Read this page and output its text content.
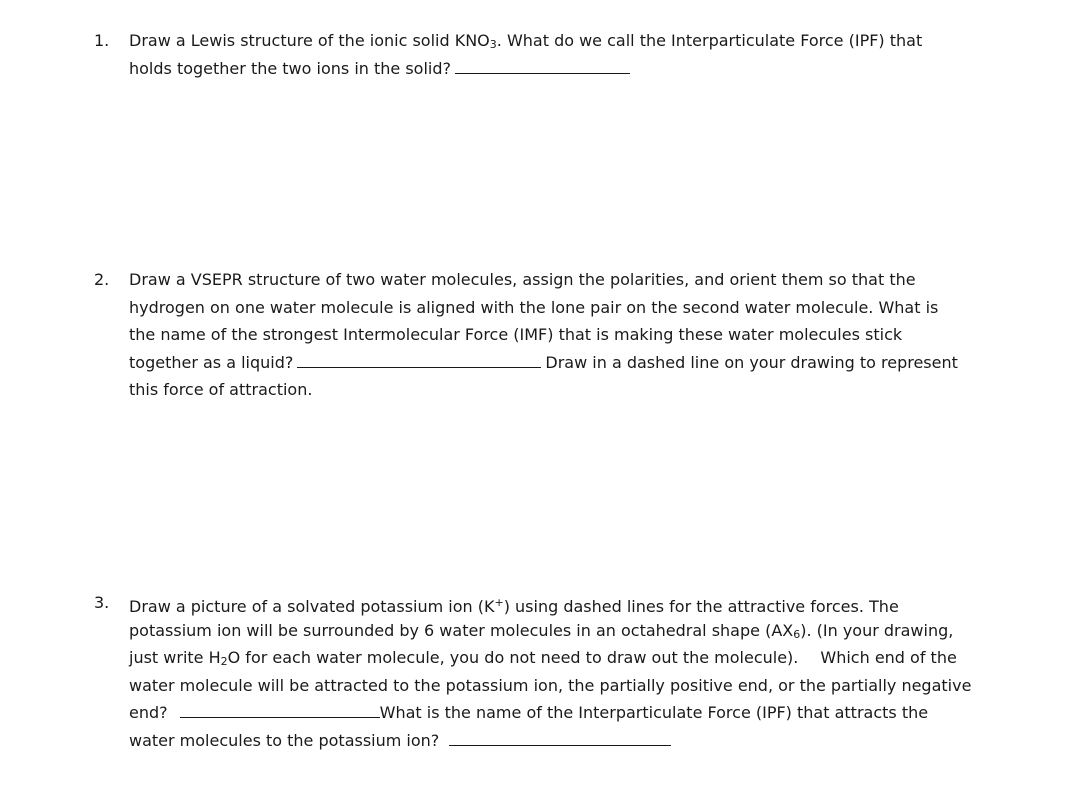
1. Draw a Lewis structure of the ionic solid $KNO_3$. What do we call the Interparticulate Force (IPF) that
holds together the two ions in the solid?
2. Draw a VSEPR structure of two water molecules, assign the polarities, and orient them so that the
hydrogen on one water molecule is aligned with the lone pair on the second water molecule. What is
the name of the strongest Intermolecular Force (IMF) that is making these water molecules stick
together as a liquid?	Draw in a dashed line on your drawing to represent
this force of attraction.
3. Draw a picture of a solvated potassium ion (K+) using dashed lines for the attractive forces. The
potassium ion will be surrounded by 6 water molecules in an octahedral shape $(AX_6)$. (In your drawing,
just write $H_2O$ for each water molecule, you do not need to draw out the molecule). Which end of the
water molecule will be attracted to the potassium ion, the partially positive end, or the partially negative
end?	What is the name of the Interparticulate Force (IPF) that attracts the
water molecules to the potassium ion?
